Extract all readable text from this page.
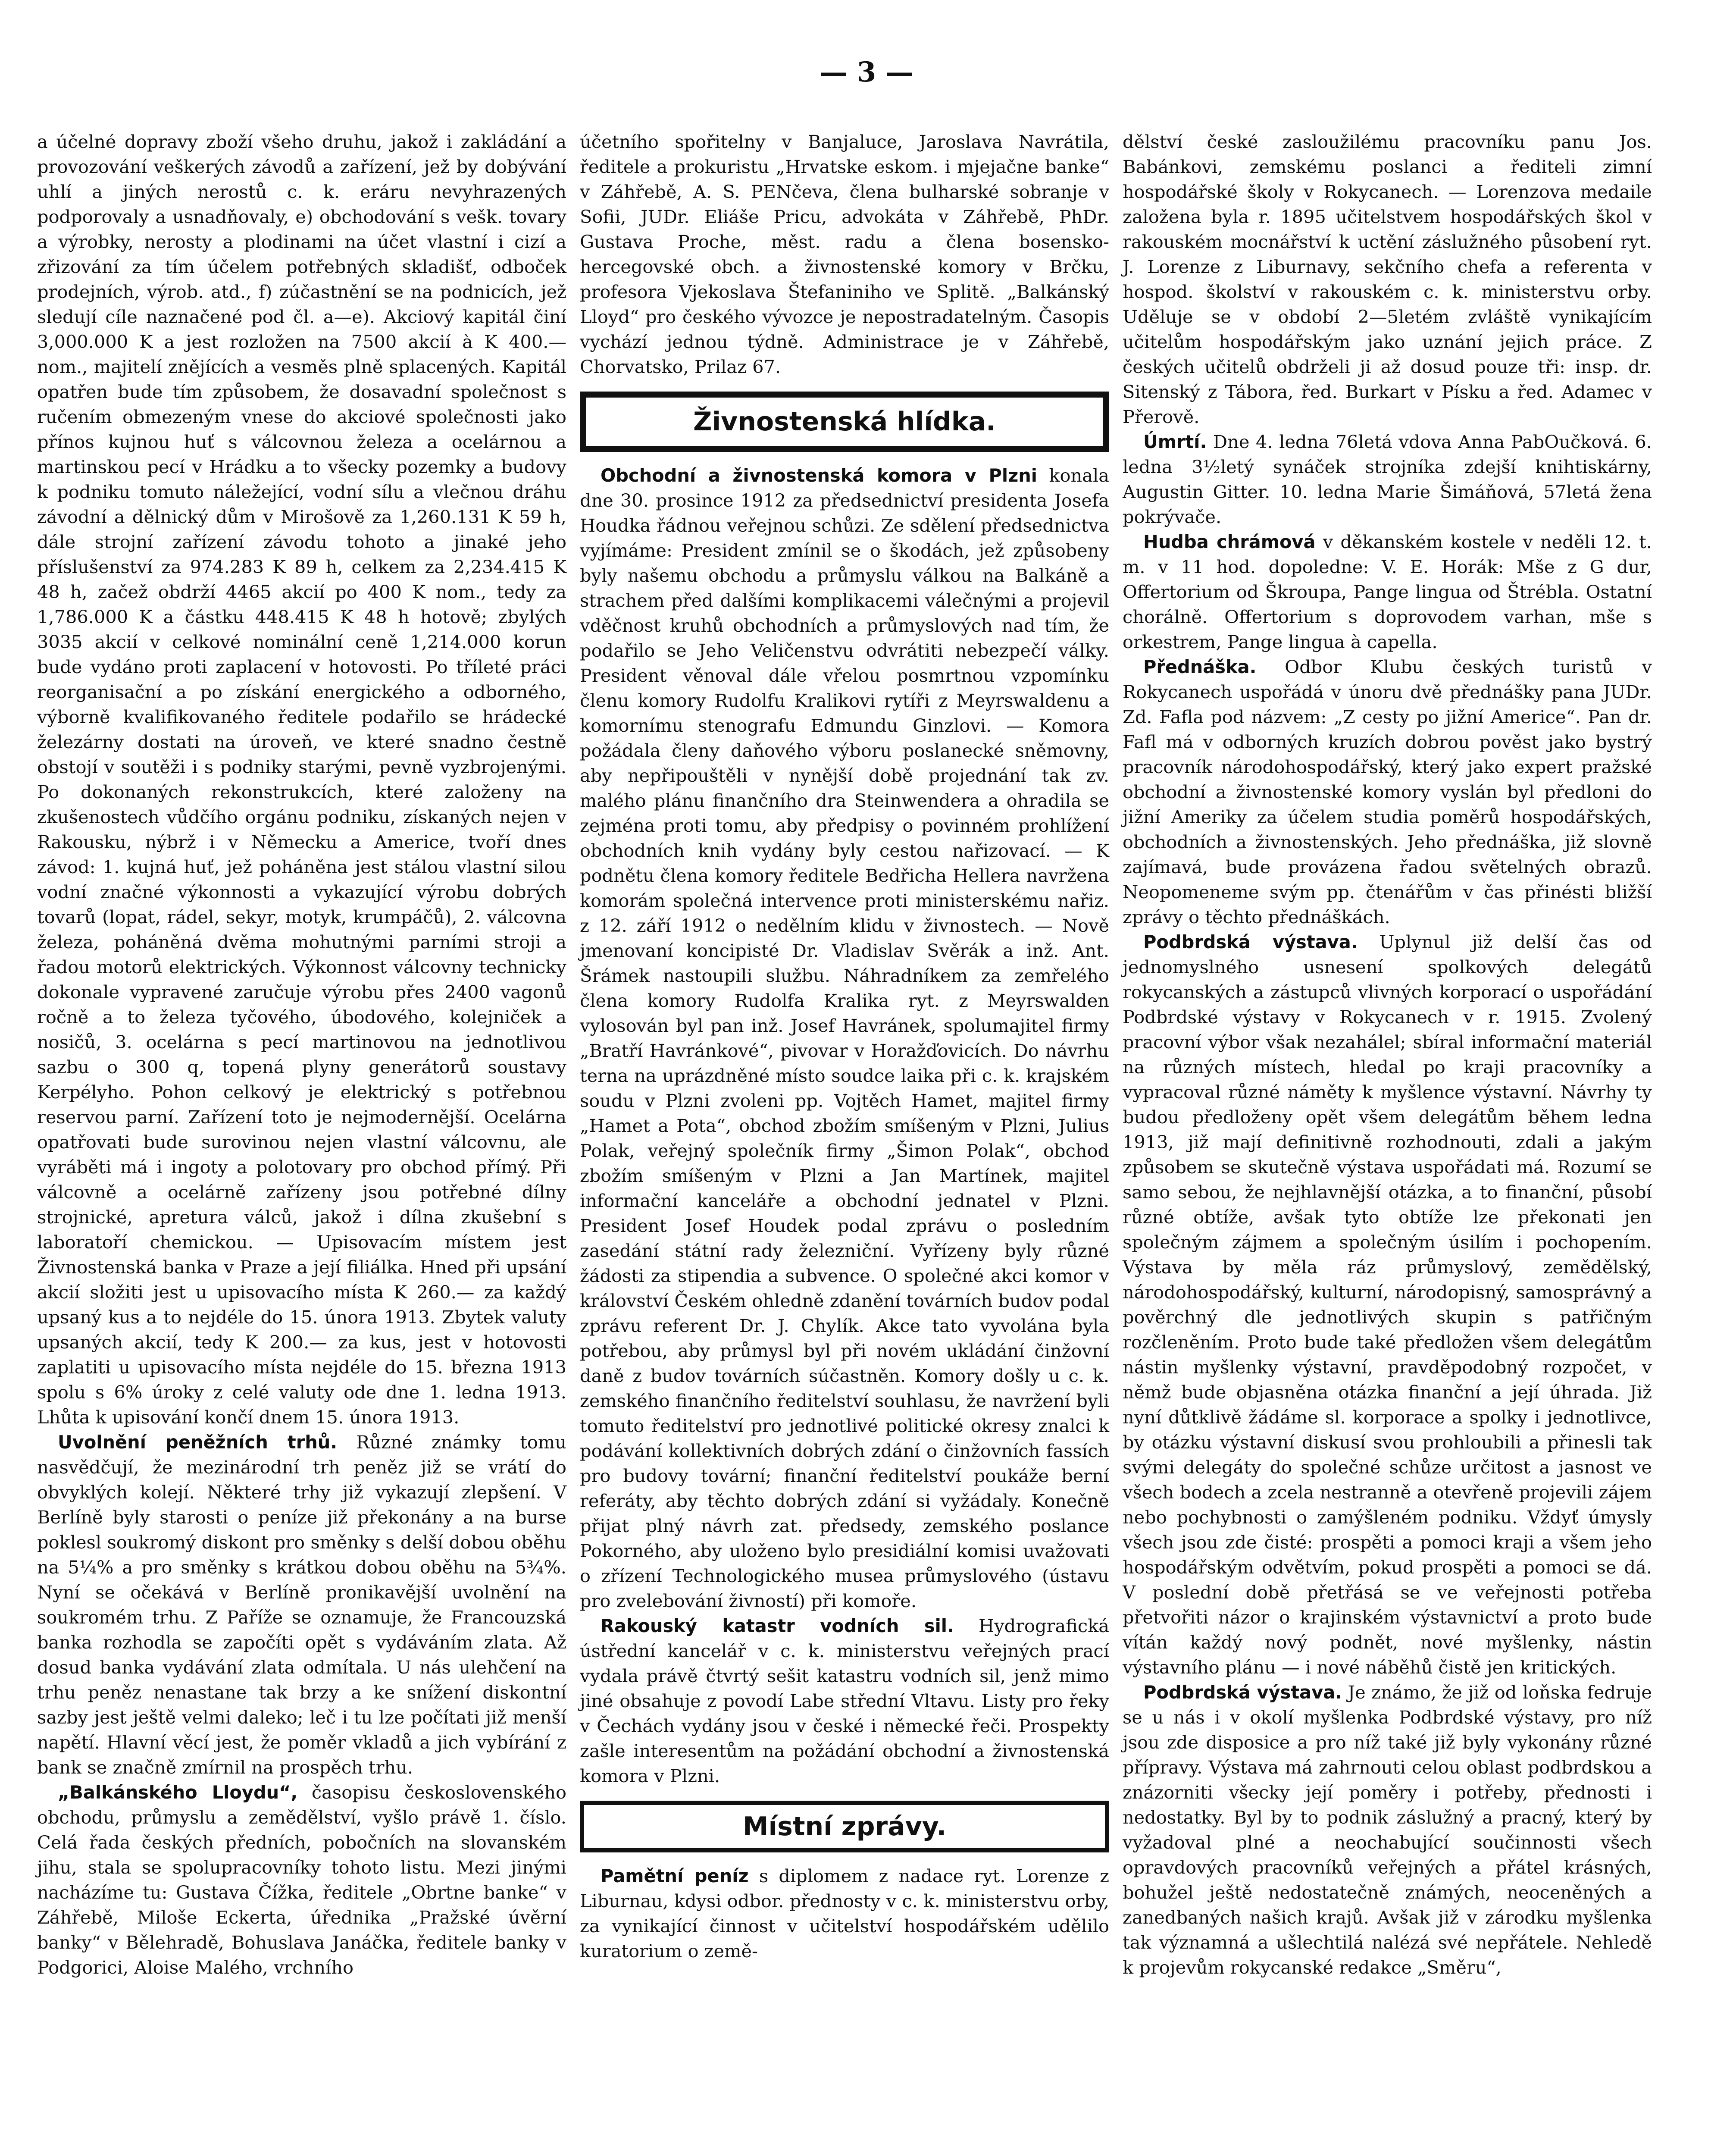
— 3 —

a účelné dopravy zboží všeho druhu, jakož i zakládání a provozování veškerých závodů a zařízení, jež by dobývání uhlí a jiných nerostů c. k. eráru nevyhrazených podporovaly a usnadňovaly, e) obchodování s vešk. tovary a výrobky, nerosty a plodinami na účet vlastní i cizí a zřizování za tím účelem potřebných skladišť, odboček prodejních, výrob. atd., f) zúčastnění se na podnicích, jež sledují cíle naznačené pod čl. a—e). Akciový kapitál činí 3,000.000 K a jest rozložen na 7500 akcií à K 400.— nom., majitelí znějících a vesměs plně splacených. Kapitál opatřen bude tím způsobem, že dosavadní společnost s ručením obmezeným vnese do akciové společnosti jako přínos kujnou huť s válcovnou železa a ocelárnou a martinskou pecí v Hrádku a to všecky pozemky a budovy k podniku tomuto náležející, vodní sílu a vlečnou dráhu závodní a dělnický dům v Mirošově za 1,260.131 K 59 h, dále strojní zařízení závodu tohoto a jinaké jeho příslušenství za 974.283 K 89 h, celkem za 2,234.415 K 48 h, začež obdrží 4465 akcií po 400 K nom., tedy za 1,786.000 K a částku 448.415 K 48 h hotově; zbylých 3035 akcií v celkové nominální ceně 1,214.000 korun bude vydáno proti zaplacení v hotovosti. Po tříleté práci reorganisační a po získání energického a odborného, výborně kvalifikovaného ředitele podařilo se hrádecké železárny dostati na úroveň, ve které snadno čestně obstojí v soutěži i s podniky starými, pevně vyzbrojenými. Po dokonaných rekonstrukcích, které založeny na zkušenostech vůdčího orgánu podniku, získaných nejen v Rakousku, nýbrž i v Německu a Americe, tvoří dnes závod: 1. kujná huť, jež poháněna jest stálou vlastní silou vodní značné výkonnosti a vykazující výrobu dobrých tovarů (lopat, rádel, sekyr, motyk, krumpáčů), 2. válcovna železa, poháněná dvěma mohutnými parními stroji a řadou motorů elektrických. Výkonnost válcovny technicky dokonale vypravené zaručuje výrobu přes 2400 vagonů ročně a to železa tyčového, úbodového, kolejniček a nosičů, 3. ocelárna s pecí martinovou na jednotlivou sazbu o 300 q, topená plyny generátorů soustavy Kerpélyho. Pohon celkový je elektrický s potřebnou reservou parní. Zařízení toto je nejmodernější. Ocelárna opatřovati bude surovinou nejen vlastní válcovnu, ale vyráběti má i ingoty a polotovary pro obchod přímý. Při válcovně a ocelárně zařízeny jsou potřebné dílny strojnické, apretura válců, jakož i dílna zkušební s laboratoří chemickou. — Upisovacím místem jest Živnostenská banka v Praze a její filiálka. Hned při upsání akcií složiti jest u upisovacího místa K 260.— za každý upsaný kus a to nejdéle do 15. února 1913. Zbytek valuty upsaných akcií, tedy K 200.— za kus, jest v hotovosti zaplatiti u upisovacího místa nejdéle do 15. března 1913 spolu s 6% úroky z celé valuty ode dne 1. ledna 1913. Lhůta k upisování končí dnem 15. února 1913.

Uvolnění peněžních trhů. Různé známky tomu nasvědčují, že mezinárodní trh peněz již se vrátí do obvyklých kolejí. Některé trhy již vykazují zlepšení. V Berlíně byly starosti o peníze již překonány a na burse poklesl soukromý diskont pro směnky s delší dobou oběhu na 5¼% a pro směnky s krátkou dobou oběhu na 5¾%. Nyní se očekává v Berlíně pronikavější uvolnění na soukromém trhu. Z Paříže se oznamuje, že Francouzská banka rozhodla se započíti opět s vydáváním zlata. Až dosud banka vydávání zlata odmítala. U nás ulehčení na trhu peněz nenastane tak brzy a ke snížení diskontní sazby jest ještě velmi daleko; leč i tu lze počítati již menší napětí. Hlavní věcí jest, že poměr vkladů a jich vybírání z bank se značně zmírnil na prospěch trhu.

„Balkánského Lloydu“, časopisu československého obchodu, průmyslu a zemědělství, vyšlo právě 1. číslo. Celá řada českých předních, pobočních na slovanském jihu, stala se spolupracovníky tohoto listu. Mezi jinými nacházíme tu: Gustava Čížka, ředitele „Obrtne banke“ v Záhřebě, Miloše Eckerta, úřednika „Pražské úvěrní banky“ v Bělehradě, Bohuslava Janáčka, ředitele banky v Podgorici, Aloise Malého, vrchního

účetního spořitelny v Banjaluce, Jaroslava Navrátila, ředitele a prokuristu „Hrvatske eskom. i mjejačne banke“ v Záhřebě, A. S. PENčeva, člena bulharské sobranje v Sofii, JUDr. Eliáše Pricu, advokáta v Záhřebě, PhDr. Gustava Proche, měst. radu a člena bosensko-hercegovské obch. a živnostenské komory v Brčku, profesora Vjekoslava Štefaniniho ve Splitě. „Balkánský Lloyd“ pro českého vývozce je nepostradatelným. Časopis vychází jednou týdně. Administrace je v Záhřebě, Chorvatsko, Prilaz 67.

Živnostenská hlídka.

Obchodní a živnostenská komora v Plzni konala dne 30. prosince 1912 za předsednictví presidenta Josefa Houdka řádnou veřejnou schůzi. Ze sdělení předsednictva vyjímáme: President zmínil se o škodách, jež způsobeny byly našemu obchodu a průmyslu válkou na Balkáně a strachem před dalšími komplikacemi válečnými a projevil vděčnost kruhů obchodních a průmyslových nad tím, že podařilo se Jeho Veličenstvu odvrátiti nebezpečí války. President věnoval dále vřelou posmrtnou vzpomínku členu komory Rudolfu Kralikovi rytíři z Meyrswaldenu a komornímu stenografu Edmundu Ginzlovi. — Komora požádala členy daňového výboru poslanecké sněmovny, aby nepřipouštěli v nynější době projednání tak zv. malého plánu finančního dra Steinwendera a ohradila se zejména proti tomu, aby předpisy o povinném prohlížení obchodních knih vydány byly cestou nařizovací. — K podnětu člena komory ředitele Bedřicha Hellera navržena komorám společná intervence proti ministerskému nařiz. z 12. září 1912 o nedělním klidu v živnostech. — Nově jmenovaní koncipisté Dr. Vladislav Svěrák a inž. Ant. Šrámek nastoupili službu. Náhradníkem za zemřelého člena komory Rudolfa Kralika ryt. z Meyrswalden vylosován byl pan inž. Josef Havránek, spolumajitel firmy „Bratří Havránkové“, pivovar v Horažďovicích. Do návrhu terna na uprázdněné místo soudce laika při c. k. krajském soudu v Plzni zvoleni pp. Vojtěch Hamet, majitel firmy „Hamet a Pota“, obchod zbožím smíšeným v Plzni, Julius Polak, veřejný společník firmy „Šimon Polak“, obchod zbožím smíšeným v Plzni a Jan Martínek, majitel informační kanceláře a obchodní jednatel v Plzni. President Josef Houdek podal zprávu o posledním zasedání státní rady železniční. Vyřízeny byly různé žádosti za stipendia a subvence. O společné akci komor v království Českém ohledně zdanění továrních budov podal zprávu referent Dr. J. Chylík. Akce tato vyvolána byla potřebou, aby průmysl byl při novém ukládání činžovní daně z budov továrních súčastněn. Komory došly u c. k. zemského finančního ředitelství souhlasu, že navržení byli tomuto ředitelství pro jednotlivé politické okresy znalci k podávání kollektivních dobrých zdání o činžovních fassích pro budovy tovární; finanční ředitelství poukáže berní referáty, aby těchto dobrých zdání si vyžádaly. Konečně přijat plný návrh zat. předsedy, zemského poslance Pokorného, aby uloženo bylo presidiální komisi uvažovati o zřízení Technologického musea průmyslového (ústavu pro zvelebování živností) při komoře.

Rakouský katastr vodních sil. Hydrografická ústřední kancelář v c. k. ministerstvu veřejných prací vydala právě čtvrtý sešit katastru vodních sil, jenž mimo jiné obsahuje z povodí Labe střední Vltavu. Listy pro řeky v Čechách vydány jsou v české i německé řeči. Prospekty zašle interesentům na požádání obchodní a živnostenská komora v Plzni.

Místní zprávy.

Pamětní peníz s diplomem z nadace ryt. Lorenze z Liburnau, kdysi odbor. přednosty v c. k. ministerstvu orby, za vynikající činnost v učitelství hospodářském udělilo kuratorium o země-

dělství české zasloužilému pracovníku panu Jos. Babánkovi, zemskému poslanci a řediteli zimní hospodářské školy v Rokycanech. — Lorenzova medaile založena byla r. 1895 učitelstvem hospodářských škol v rakouském mocnářství k uctění záslužného působení ryt. J. Lorenze z Liburnavy, sekčního chefa a referenta v hospod. školství v rakouském c. k. ministerstvu orby. Uděluje se v období 2—5letém zvláště vynikajícím učitelům hospodářským jako uznání jejich práce. Z českých učitelů obdrželi ji až dosud pouze tři: insp. dr. Sitenský z Tábora, řed. Burkart v Písku a řed. Adamec v Přerově.

Úmrtí. Dne 4. ledna 76letá vdova Anna PabOučková. 6. ledna 3½letý synáček strojníka zdejší knihtiskárny, Augustin Gitter. 10. ledna Marie Šimáňová, 57letá žena pokrývače.

Hudba chrámová v děkanském kostele v neděli 12. t. m. v 11 hod. dopoledne: V. E. Horák: Mše z G dur, Offertorium od Škroupa, Pange lingua od Štrébla. Ostatní chorálně. Offertorium s doprovodem varhan, mše s orkestrem, Pange lingua à capella.

Přednáška. Odbor Klubu českých turistů v Rokycanech uspořádá v únoru dvě přednášky pana JUDr. Zd. Fafla pod názvem: „Z cesty po jižní Americe“. Pan dr. Fafl má v odborných kruzích dobrou pověst jako bystrý pracovník národohospodářský, který jako expert pražské obchodní a živnostenské komory vyslán byl předloni do jižní Ameriky za účelem studia poměrů hospodářských, obchodních a živnostenských. Jeho přednáška, již slovně zajímavá, bude provázena řadou světelných obrazů. Neopomeneme svým pp. čtenářům v čas přinésti bližší zprávy o těchto přednáškách.

Podbrdská výstava. Uplynul již delší čas od jednomyslného usnesení spolkových delegátů rokycanských a zástupců vlivných korporací o uspořádání Podbrdské výstavy v Rokycanech v r. 1915. Zvolený pracovní výbor však nezahálel; sbíral informační materiál na různých místech, hledal po kraji pracovníky a vypracoval různé náměty k myšlence výstavní. Návrhy ty budou předloženy opět všem delegátům během ledna 1913, již mají definitivně rozhodnouti, zdali a jakým způsobem se skutečně výstava uspořádati má. Rozumí se samo sebou, že nejhlavnější otázka, a to finanční, působí různé obtíže, avšak tyto obtíže lze překonati jen společným zájmem a společným úsilím i pochopením. Výstava by měla ráz průmyslový, zemědělský, národohospodářský, kulturní, národopisný, samosprávný a pověrchný dle jednotlivých skupin s patřičným rozčleněním. Proto bude také předložen všem delegátům nástin myšlenky výstavní, pravděpodobný rozpočet, v němž bude objasněna otázka finanční a její úhrada. Již nyní důtklivě žádáme sl. korporace a spolky i jednotlivce, by otázku výstavní diskusí svou prohloubili a přinesli tak svými delegáty do společné schůze určitost a jasnost ve všech bodech a zcela nestranně a otevřeně projevili zájem nebo pochybnosti o zamýšleném podniku. Vždyť úmysly všech jsou zde čisté: prospěti a pomoci kraji a všem jeho hospodářským odvětvím, pokud prospěti a pomoci se dá. V poslední době přetřásá se ve veřejnosti potřeba přetvořiti názor o krajinském výstavnictví a proto bude vítán každý nový podnět, nové myšlenky, nástin výstavního plánu — i nové náběhů čistě jen kritických.

Podbrdská výstava. Je známo, že již od loňska fedruje se u nás i v okolí myšlenka Podbrdské výstavy, pro níž jsou zde disposice a pro níž také již byly vykonány různé přípravy. Výstava má zahrnouti celou oblast podbrdskou a znázorniti všecky její poměry i potřeby, přednosti i nedostatky. Byl by to podnik záslužný a pracný, který by vyžadoval plné a neochabující součinnosti všech opravdových pracovníků veřejných a přátel krásných, bohužel ještě nedostatečně známých, neoceněných a zanedbaných našich krajů. Avšak již v zárodku myšlenka tak významná a ušlechtilá nalézá své nepřátele. Nehledě k projevům rokycanské redakce „Směru“,
